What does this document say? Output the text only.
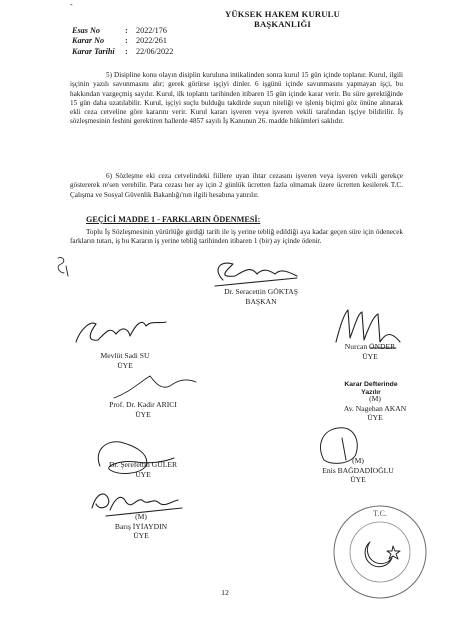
-
YÜKSEK HAKEM KURULU
BAŞKANLIĞI
Esas No	:	2022/176
Karar No	:	2022/261
Karar Tarihi	:	22/06/2022
5) Disipline konu olayın disiplin kuruluna intikalinden sonra kurul 15 gün içinde toplanır. Kurul, ilgili işçinin yazılı savunmasını alır; gerek görürse işçiyi dinler. 6 işgünü içinde savunmasını yapmayan işçi, bu hakkından vazgeçmiş sayılır. Kurul, ilk toplantı tarihinden itibaren 15 gün içinde karar verir. Bu süre gerektiğinde 15 gün daha uzatılabilir. Kurul, işçiyi suçlu bulduğu takdirde suçun niteliği ve işleniş biçimi göz önüne alınarak ekli ceza cetveline göre kararını verir. Kurul kararı işveren veya işveren vekili tarafından işçiye bildirilir. İş sözleşmesinin feshini gerektiren hallerde 4857 sayılı İş Kanunun 26. madde hükümleri saklıdır.
6) Sözleşme eki ceza cetvelindeki fiillere uyan ihtar cezasını işveren veya işveren vekili gerekçe göstererek re'sen verebilir. Para cezası her ay için 2 günlük ücretten fazla olmamak üzere ücretten kesilerek T.C. Çalışma ve Sosyal Güvenlik Bakanlığı'nın ilgili hesabına yatırılır.
GEÇİCİ MADDE 1 - FARKLARIN ÖDENMESİ:
Toplu İş Sözleşmesinin yürürlüğe girdiği tarih ile iş yerine tebliğ edildiği aya kadar geçen süre için ödenecek farkların tutarı, iş bu Kararın iş yerine tebliğ tarihinden itibaren 1 (bir) ay içinde ödenir.
Dr. Seracettin GÖKTAŞ
BAŞKAN
Mevlüt Sadi SU
ÜYE
Nurcan ÖNDER
ÜYE
Karar Defterinde
Yazılır
Prof. Dr. Kadir ARICI
ÜYE
(M)
Av. Nagehan AKAN
ÜYE
Dr. Şerefettin GÜLER
ÜYE
(M)
Enis BAĞDADİOĞLU
ÜYE
(M)
Barış İYİAYDIN
ÜYE
T.C.
12
